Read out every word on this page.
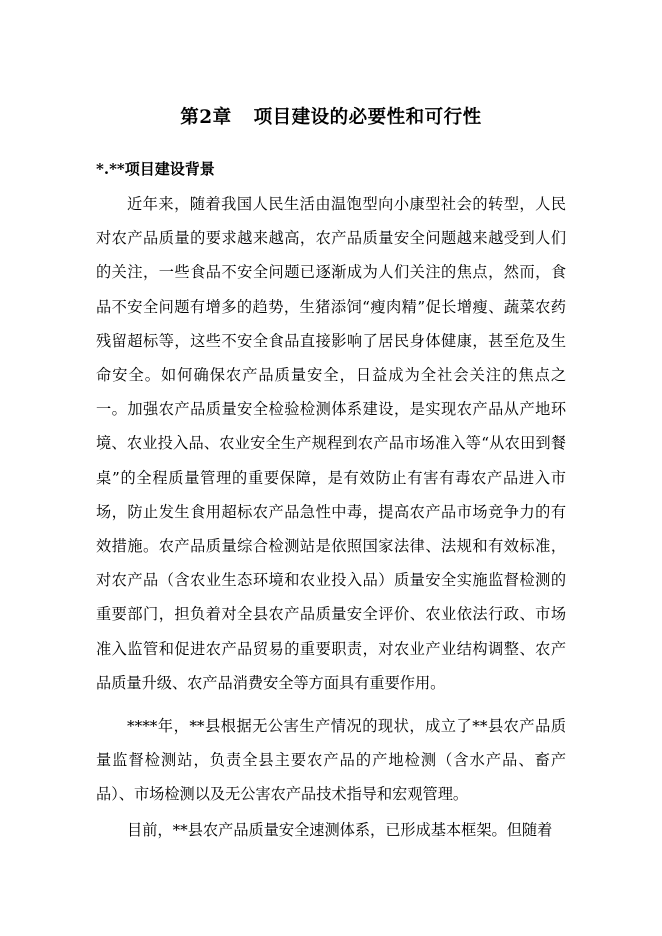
第2章 项目建设的必要性和可行性
*.**项目建设背景

近年来，随着我国人民生活由温饱型向小康型社会的转型，人民对农产品质量的要求越来越高，农产品质量安全问题越来越受到人们的关注，一些食品不安全问题已逐渐成为人们关注的焦点，然而，食品不安全问题有增多的趋势，生猪添饲“瘦肉精”促长增瘦、蔬菜农药残留超标等，这些不安全食品直接影响了居民身体健康，甚至危及生命安全。如何确保农产品质量安全，日益成为全社会关注的焦点之一。加强农产品质量安全检验检测体系建设，是实现农产品从产地环境、农业投入品、农业安全生产规程到农产品市场准入等“从农田到餐桌”的全程质量管理的重要保障，是有效防止有害有毒农产品进入市场，防止发生食用超标农产品急性中毒，提高农产品市场竞争力的有效措施。农产品质量综合检测站是依照国家法律、法规和有效标准，对农产品（含农业生态环境和农业投入品）质量安全实施监督检测的重要部门，担负着对全县农产品质量安全评价、农业依法行政、市场准入监管和促进农产品贸易的重要职责，对农业产业结构调整、农产品质量升级、农产品消费安全等方面具有重要作用。

****年，**县根据无公害生产情况的现状，成立了**县农产品质量监督检测站，负责全县主要农产品的产地检测（含水产品、畜产品）、市场检测以及无公害农产品技术指导和宏观管理。

目前，**县农产品质量安全速测体系，已形成基本框架。但随着
